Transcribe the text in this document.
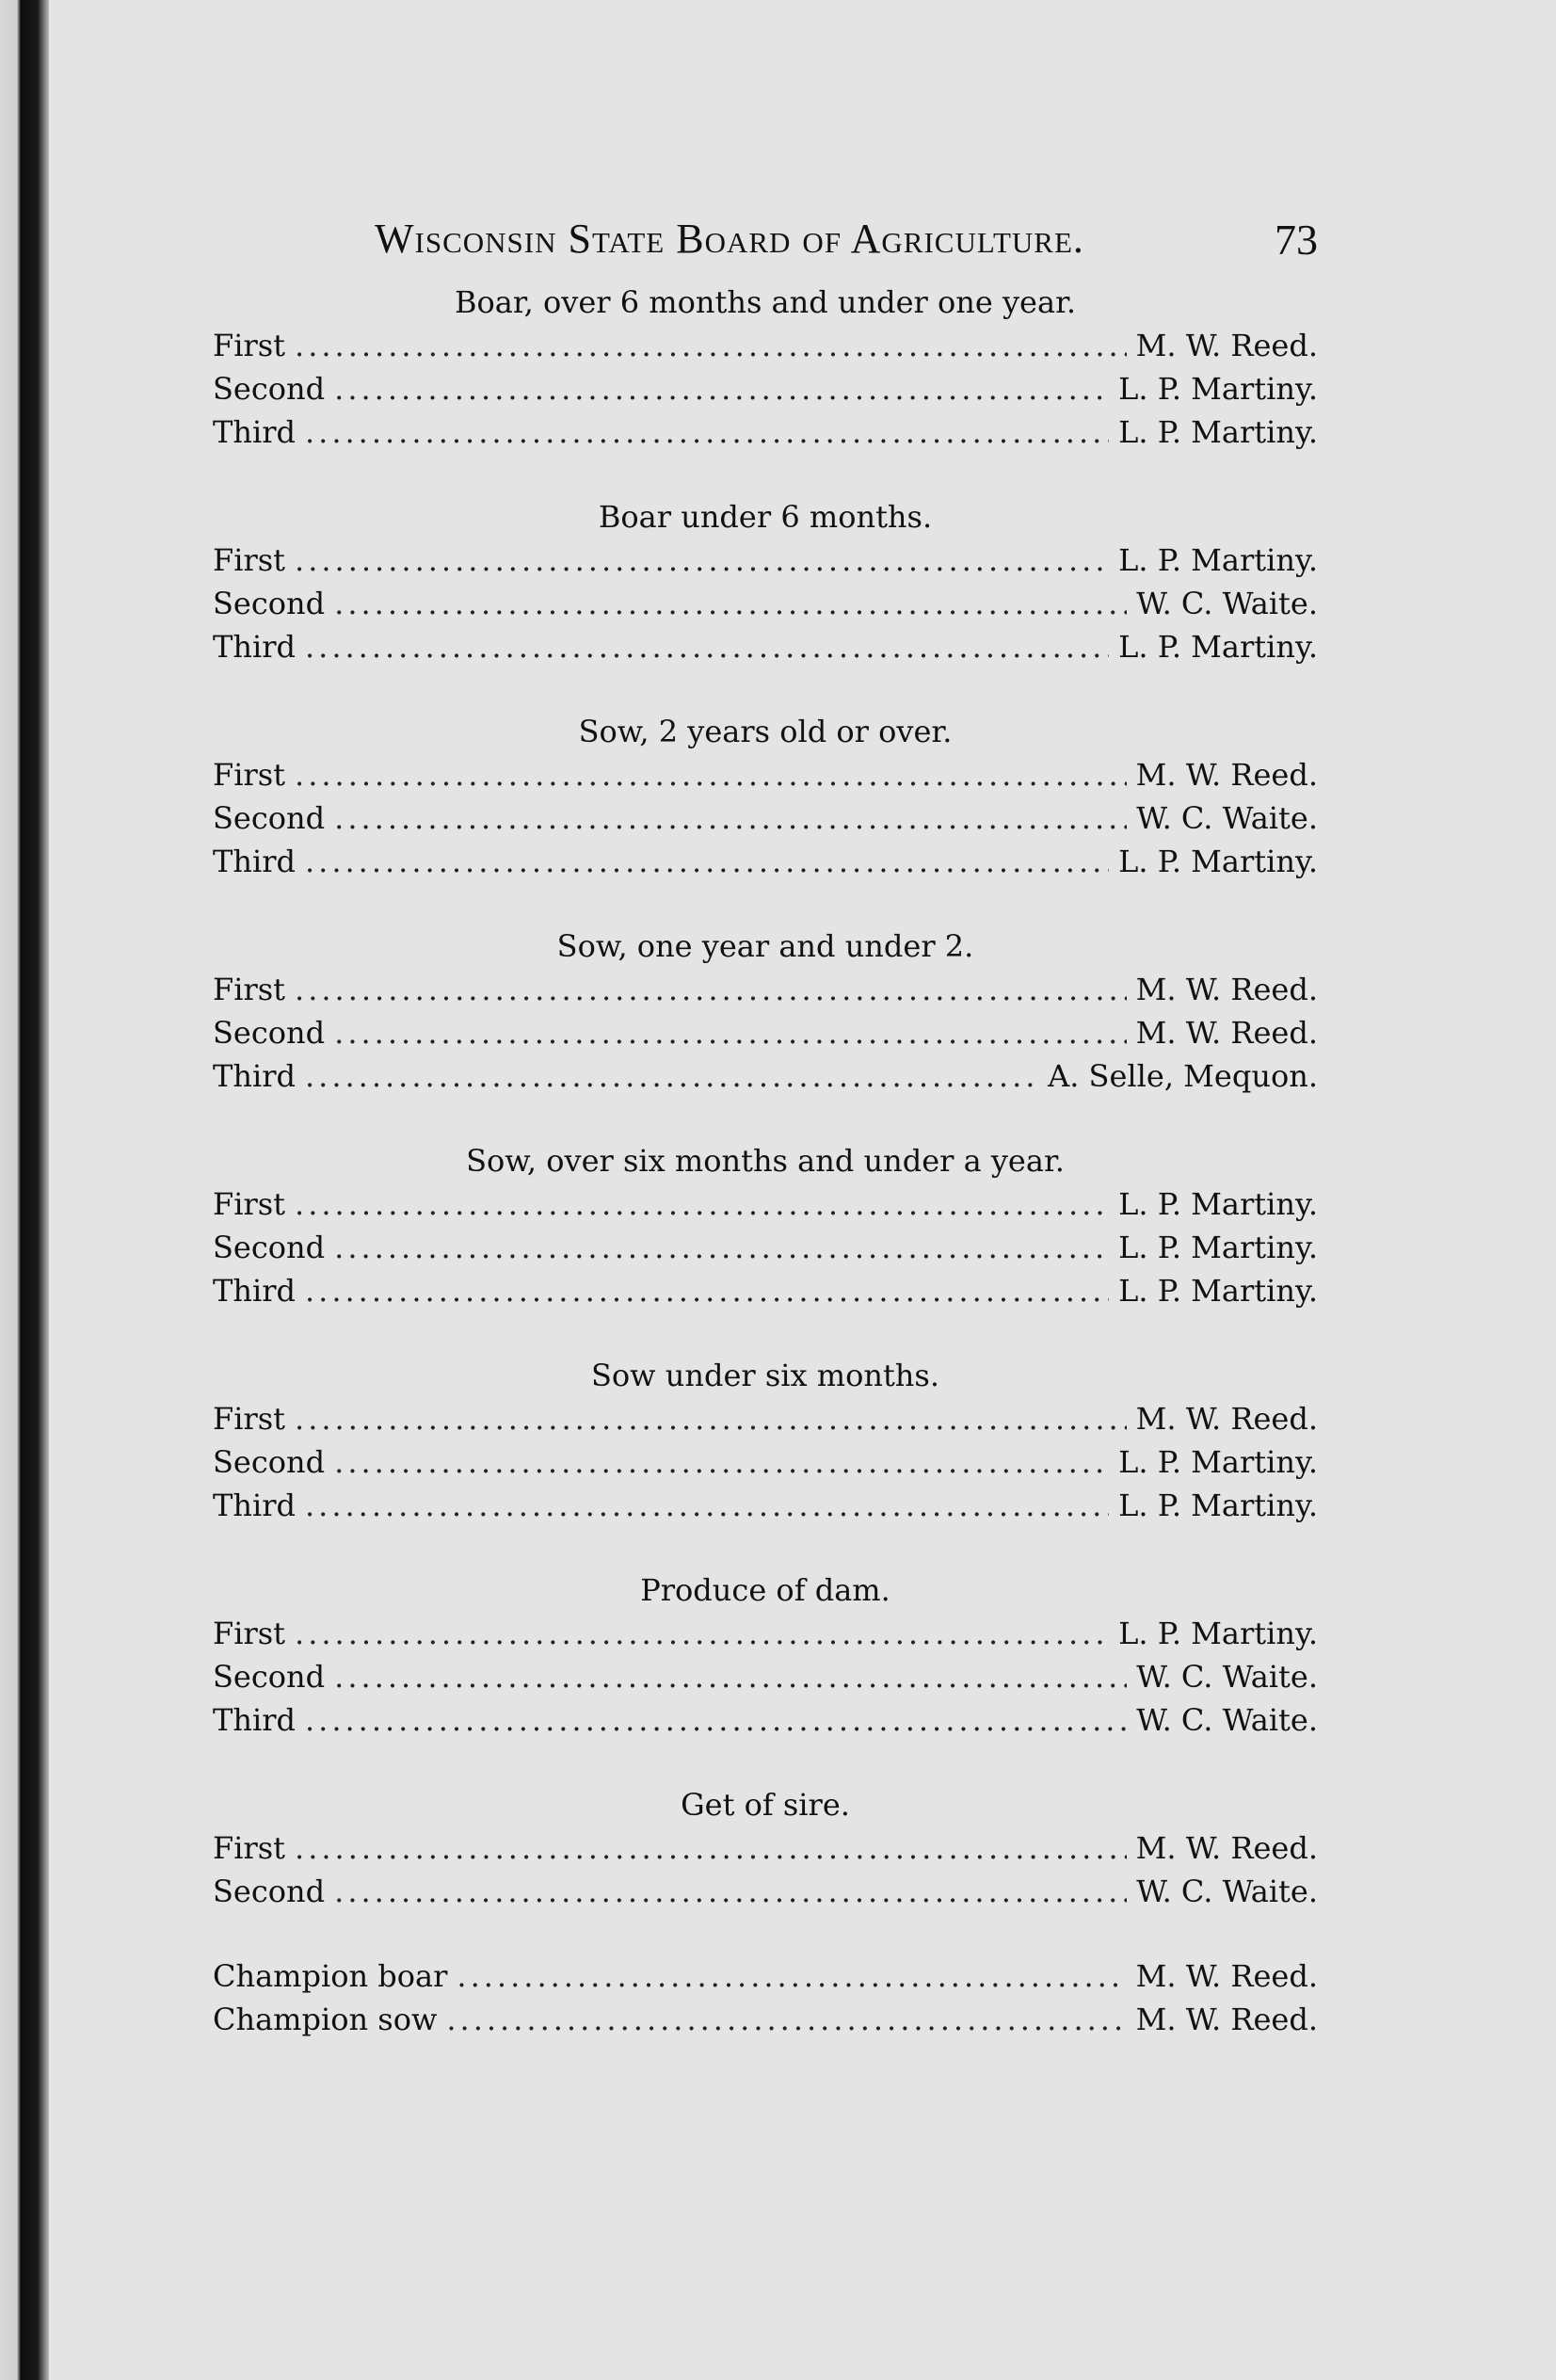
Wisconsin State Board of Agriculture.	73
Boar, over 6 months and under one year.
First .....	M. W. Reed.
Second .....	L. P. Martiny.
Third .....	L. P. Martiny.
Boar under 6 months.
First .....	L. P. Martiny.
Second .....	W. C. Waite.
Third .....	L. P. Martiny.
Sow, 2 years old or over.
First .....	M. W. Reed.
Second .....	W. C. Waite.
Third .....	L. P. Martiny.
Sow, one year and under 2.
First .....	M. W. Reed.
Second .....	M. W. Reed.
Third .....	A. Selle, Mequon.
Sow, over six months and under a year.
First .....	L. P. Martiny.
Second .....	L. P. Martiny.
Third .....	L. P. Martiny.
Sow under six months.
First .....	M. W. Reed.
Second .....	L. P. Martiny.
Third .....	L. P. Martiny.
Produce of dam.
First .....	L. P. Martiny.
Second .....	W. C. Waite.
Third .....	W. C. Waite.
Get of sire.
First .....	M. W. Reed.
Second .....	W. C. Waite.
Champion boar .....	M. W. Reed.
Champion sow .....	M. W. Reed.
